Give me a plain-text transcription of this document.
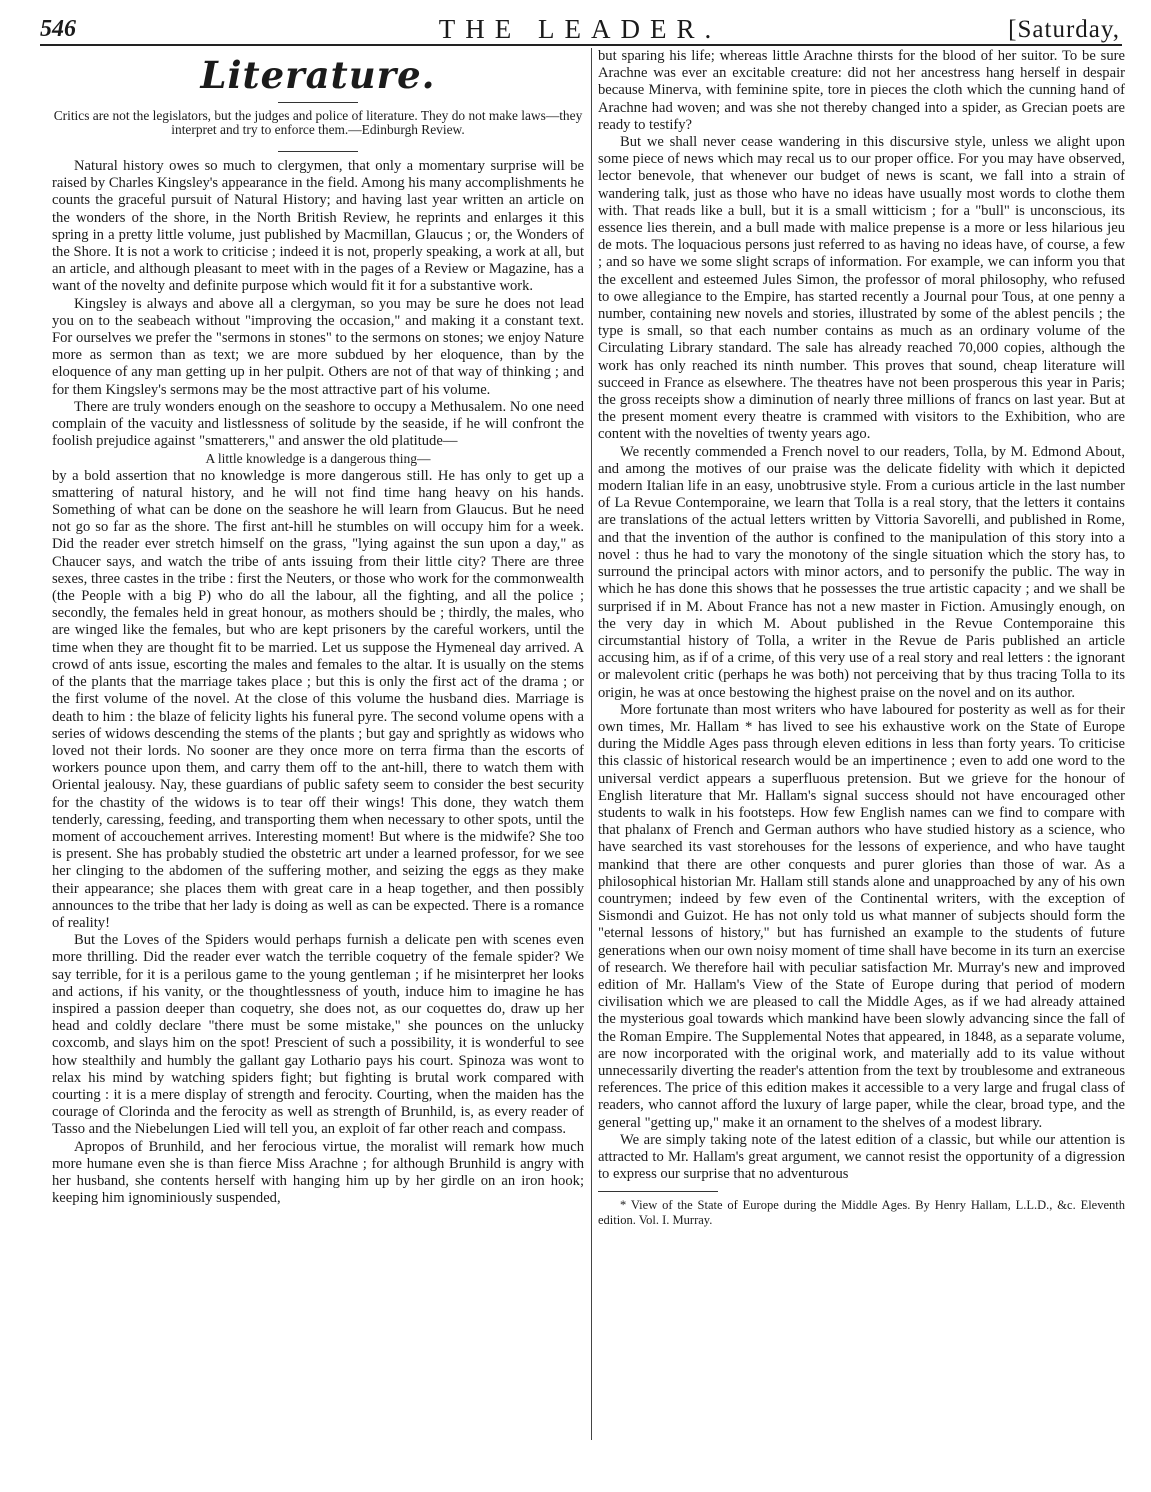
546	THE LEADER.	[Saturday,
Literature.
Critics are not the legislators, but the judges and police of literature. They do not make laws—they interpret and try to enforce them.—Edinburgh Review.

Natural history owes so much to clergymen, that only a momentary surprise will be raised by Charles Kingsley's appearance in the field. Among his many accomplishments he counts the graceful pursuit of Natural History; and having last year written an article on the wonders of the shore, in the North British Review, he reprints and enlarges it this spring in a pretty little volume, just published by Macmillan, Glaucus ; or, the Wonders of the Shore. It is not a work to criticise ; indeed it is not, properly speaking, a work at all, but an article, and although pleasant to meet with in the pages of a Review or Magazine, has a want of the novelty and definite purpose which would fit it for a substantive work.

Kingsley is always and above all a clergyman, so you may be sure he does not lead you on to the seabeach without "improving the occasion," and making it a constant text. For ourselves we prefer the "sermons in stones" to the sermons on stones; we enjoy Nature more as sermon than as text; we are more subdued by her eloquence, than by the eloquence of any man getting up in her pulpit. Others are not of that way of thinking ; and for them Kingsley's sermons may be the most attractive part of his volume.

There are truly wonders enough on the seashore to occupy a Methusalem. No one need complain of the vacuity and listlessness of solitude by the seaside, if he will confront the foolish prejudice against "smatterers," and answer the old platitude—

A little knowledge is a dangerous thing—

by a bold assertion that no knowledge is more dangerous still. He has only to get up a smattering of natural history, and he will not find time hang heavy on his hands. Something of what can be done on the seashore he will learn from Glaucus. But he need not go so far as the shore. The first ant-hill he stumbles on will occupy him for a week. Did the reader ever stretch himself on the grass, "lying against the sun upon a day," as Chaucer says, and watch the tribe of ants issuing from their little city? There are three sexes, three castes in the tribe : first the Neuters, or those who work for the commonwealth (the People with a big P) who do all the labour, all the fighting, and all the police ; secondly, the females held in great honour, as mothers should be ; thirdly, the males, who are winged like the females, but who are kept prisoners by the careful workers, until the time when they are thought fit to be married. Let us suppose the Hymeneal day arrived. A crowd of ants issue, escorting the males and females to the altar. It is usually on the stems of the plants that the marriage takes place ; but this is only the first act of the drama ; or the first volume of the novel. At the close of this volume the husband dies. Marriage is death to him : the blaze of felicity lights his funeral pyre. The second volume opens with a series of widows descending the stems of the plants ; but gay and sprightly as widows who loved not their lords. No sooner are they once more on terra firma than the escorts of workers pounce upon them, and carry them off to the ant-hill, there to watch them with Oriental jealousy. Nay, these guardians of public safety seem to consider the best security for the chastity of the widows is to tear off their wings! This done, they watch them tenderly, caressing, feeding, and transporting them when necessary to other spots, until the moment of accouchement arrives. Interesting moment! But where is the midwife? She too is present. She has probably studied the obstetric art under a learned professor, for we see her clinging to the abdomen of the suffering mother, and seizing the eggs as they make their appearance; she places them with great care in a heap together, and then possibly announces to the tribe that her lady is doing as well as can be expected. There is a romance of reality!

But the Loves of the Spiders would perhaps furnish a delicate pen with scenes even more thrilling. Did the reader ever watch the terrible coquetry of the female spider? We say terrible, for it is a perilous game to the young gentleman ; if he misinterpret her looks and actions, if his vanity, or the thoughtlessness of youth, induce him to imagine he has inspired a passion deeper than coquetry, she does not, as our coquettes do, draw up her head and coldly declare "there must be some mistake," she pounces on the unlucky coxcomb, and slays him on the spot! Prescient of such a possibility, it is wonderful to see how stealthily and humbly the gallant gay Lothario pays his court. Spinoza was wont to relax his mind by watching spiders fight; but fighting is brutal work compared with courting : it is a mere display of strength and ferocity. Courting, when the maiden has the courage of Clorinda and the ferocity as well as strength of Brunhild, is, as every reader of Tasso and the Niebelungen Lied will tell you, an exploit of far other reach and compass.

Apropos of Brunhild, and her ferocious virtue, the moralist will remark how much more humane even she is than fierce Miss Arachne ; for although Brunhild is angry with her husband, she contents herself with hanging him up by her girdle on an iron hook; keeping him ignominiously suspended,

but sparing his life; whereas little Arachne thirsts for the blood of her suitor. To be sure Arachne was ever an excitable creature: did not her ancestress hang herself in despair because Minerva, with feminine spite, tore in pieces the cloth which the cunning hand of Arachne had woven; and was she not thereby changed into a spider, as Grecian poets are ready to testify?

But we shall never cease wandering in this discursive style, unless we alight upon some piece of news which may recal us to our proper office. For you may have observed, lector benevole, that whenever our budget of news is scant, we fall into a strain of wandering talk, just as those who have no ideas have usually most words to clothe them with. That reads like a bull, but it is a small witticism ; for a "bull" is unconscious, its essence lies therein, and a bull made with malice prepense is a more or less hilarious jeu de mots. The loquacious persons just referred to as having no ideas have, of course, a few ; and so have we some slight scraps of information. For example, we can inform you that the excellent and esteemed Jules Simon, the professor of moral philosophy, who refused to owe allegiance to the Empire, has started recently a Journal pour Tous, at one penny a number, containing new novels and stories, illustrated by some of the ablest pencils ; the type is small, so that each number contains as much as an ordinary volume of the Circulating Library standard. The sale has already reached 70,000 copies, although the work has only reached its ninth number. This proves that sound, cheap literature will succeed in France as elsewhere. The theatres have not been prosperous this year in Paris; the gross receipts show a diminution of nearly three millions of francs on last year. But at the present moment every theatre is crammed with visitors to the Exhibition, who are content with the novelties of twenty years ago.

We recently commended a French novel to our readers, Tolla, by M. Edmond About, and among the motives of our praise was the delicate fidelity with which it depicted modern Italian life in an easy, unobtrusive style. From a curious article in the last number of La Revue Contemporaine, we learn that Tolla is a real story, that the letters it contains are translations of the actual letters written by Vittoria Savorelli, and published in Rome, and that the invention of the author is confined to the manipulation of this story into a novel : thus he had to vary the monotony of the single situation which the story has, to surround the principal actors with minor actors, and to personify the public. The way in which he has done this shows that he possesses the true artistic capacity ; and we shall be surprised if in M. About France has not a new master in Fiction. Amusingly enough, on the very day in which M. About published in the Revue Contemporaine this circumstantial history of Tolla, a writer in the Revue de Paris published an article accusing him, as if of a crime, of this very use of a real story and real letters : the ignorant or malevolent critic (perhaps he was both) not perceiving that by thus tracing Tolla to its origin, he was at once bestowing the highest praise on the novel and on its author.

More fortunate than most writers who have laboured for posterity as well as for their own times, Mr. Hallam * has lived to see his exhaustive work on the State of Europe during the Middle Ages pass through eleven editions in less than forty years. To criticise this classic of historical research would be an impertinence ; even to add one word to the universal verdict appears a superfluous pretension. But we grieve for the honour of English literature that Mr. Hallam's signal success should not have encouraged other students to walk in his footsteps. How few English names can we find to compare with that phalanx of French and German authors who have studied history as a science, who have searched its vast storehouses for the lessons of experience, and who have taught mankind that there are other conquests and purer glories than those of war. As a philosophical historian Mr. Hallam still stands alone and unapproached by any of his own countrymen; indeed by few even of the Continental writers, with the exception of Sismondi and Guizot. He has not only told us what manner of subjects should form the "eternal lessons of history," but has furnished an example to the students of future generations when our own noisy moment of time shall have become in its turn an exercise of research. We therefore hail with peculiar satisfaction Mr. Murray's new and improved edition of Mr. Hallam's View of the State of Europe during that period of modern civilisation which we are pleased to call the Middle Ages, as if we had already attained the mysterious goal towards which mankind have been slowly advancing since the fall of the Roman Empire. The Supplemental Notes that appeared, in 1848, as a separate volume, are now incorporated with the original work, and materially add to its value without unnecessarily diverting the reader's attention from the text by troublesome and extraneous references. The price of this edition makes it accessible to a very large and frugal class of readers, who cannot afford the luxury of large paper, while the clear, broad type, and the general "getting up," make it an ornament to the shelves of a modest library.

We are simply taking note of the latest edition of a classic, but while our attention is attracted to Mr. Hallam's great argument, we cannot resist the opportunity of a digression to express our surprise that no adventurous

* View of the State of Europe during the Middle Ages. By Henry Hallam, L.L.D., &c. Eleventh edition. Vol. I. Murray.
